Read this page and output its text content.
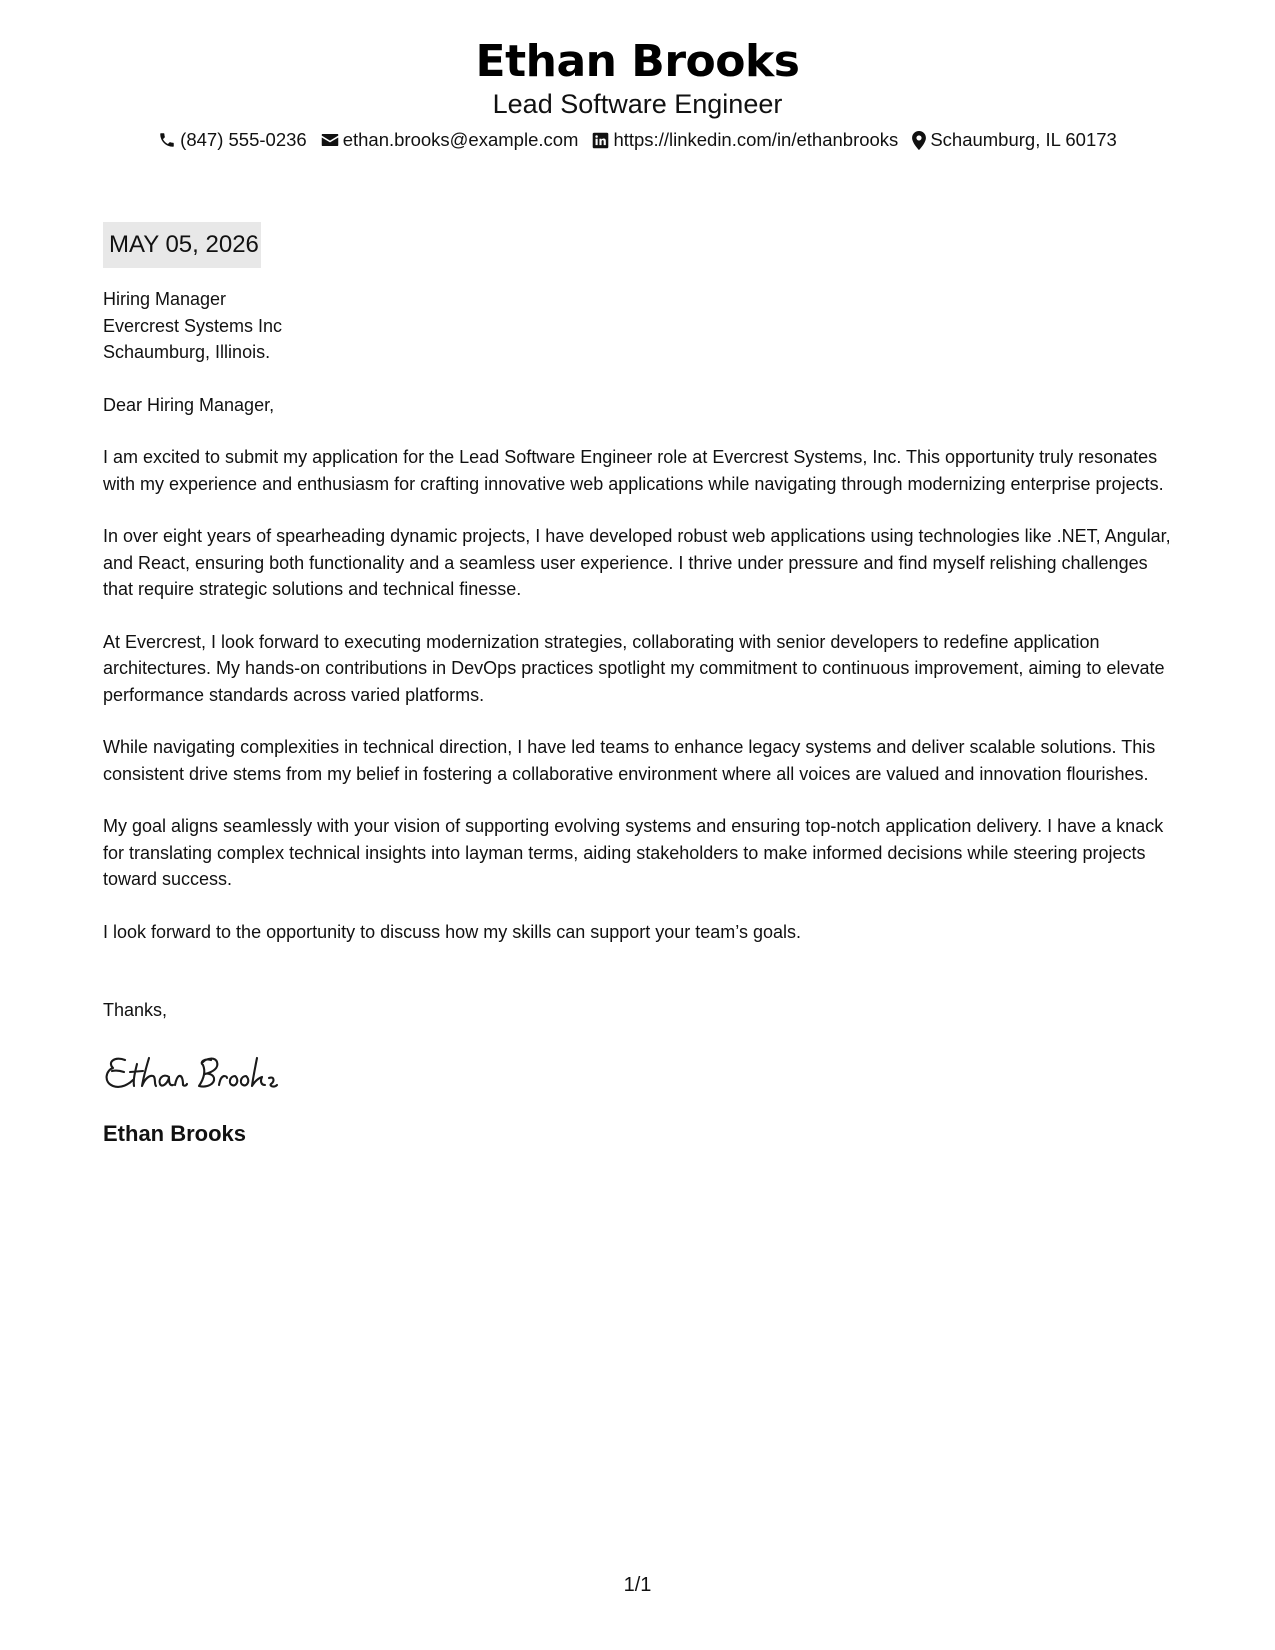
Ethan Brooks
Lead Software Engineer
(847) 555-0236 ethan.brooks@example.com https://linkedin.com/in/ethanbrooks Schaumburg, IL 60173
MAY 05, 2026
Hiring Manager
Evercrest Systems Inc
Schaumburg, Illinois.
Dear Hiring Manager,
I am excited to submit my application for the Lead Software Engineer role at Evercrest Systems, Inc. This opportunity truly resonates with my experience and enthusiasm for crafting innovative web applications while navigating through modernizing enterprise projects.
In over eight years of spearheading dynamic projects, I have developed robust web applications using technologies like .NET, Angular, and React, ensuring both functionality and a seamless user experience. I thrive under pressure and find myself relishing challenges that require strategic solutions and technical finesse.
At Evercrest, I look forward to executing modernization strategies, collaborating with senior developers to redefine application architectures. My hands-on contributions in DevOps practices spotlight my commitment to continuous improvement, aiming to elevate performance standards across varied platforms.
While navigating complexities in technical direction, I have led teams to enhance legacy systems and deliver scalable solutions. This consistent drive stems from my belief in fostering a collaborative environment where all voices are valued and innovation flourishes.
My goal aligns seamlessly with your vision of supporting evolving systems and ensuring top-notch application delivery. I have a knack for translating complex technical insights into layman terms, aiding stakeholders to make informed decisions while steering projects toward success.
I look forward to the opportunity to discuss how my skills can support your team’s goals.
Thanks,
Ethan Brooks
1/1
